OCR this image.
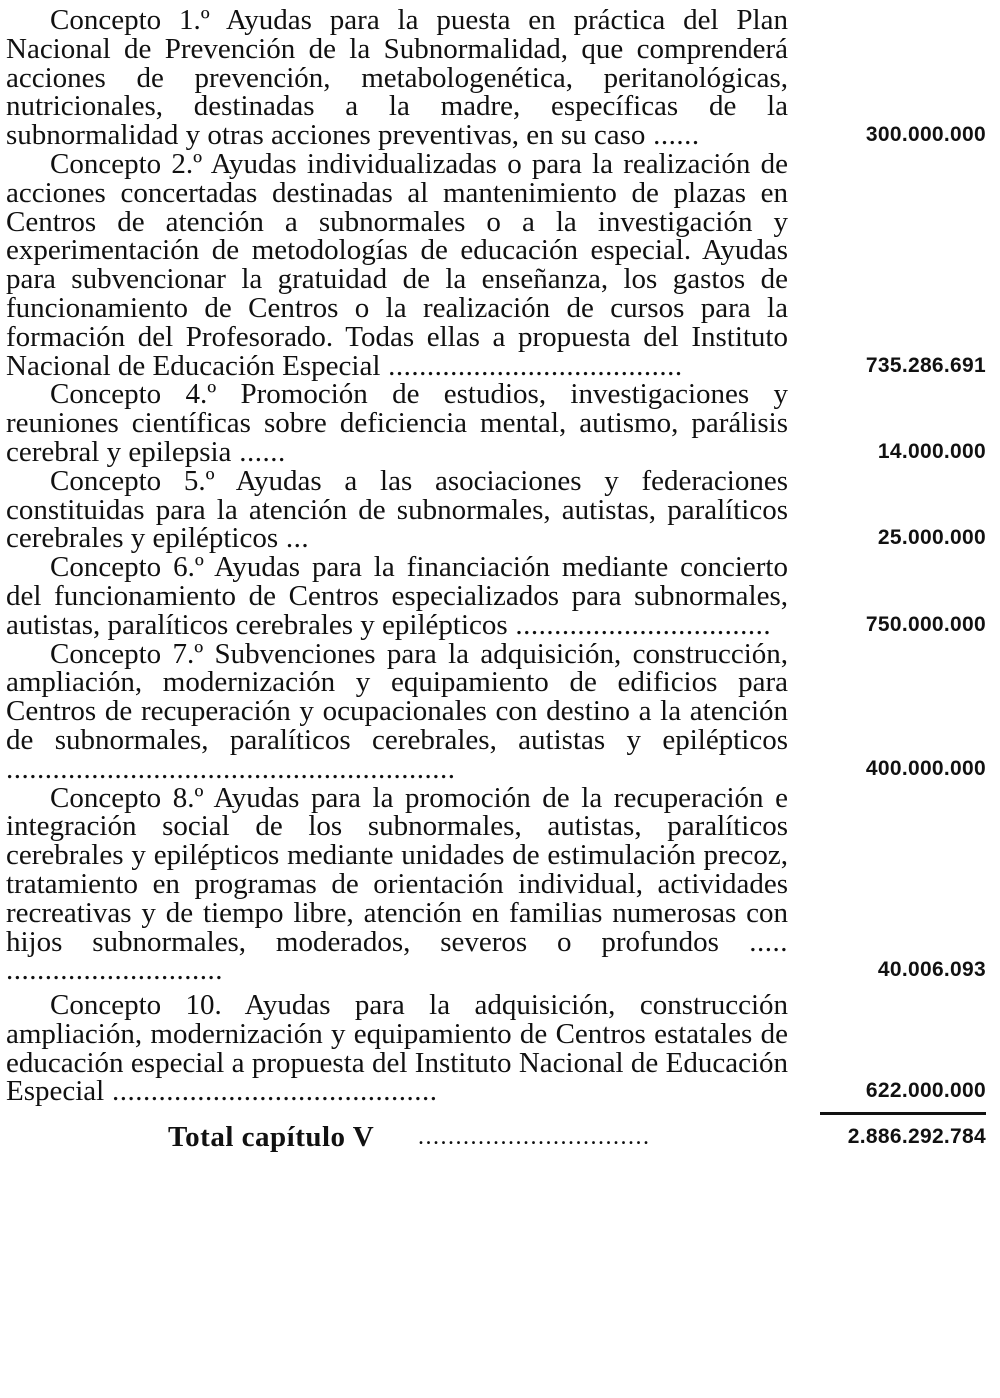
Concepto 1.º Ayudas para la puesta en práctica del Plan Nacional de Prevención de la Subnormalidad, que comprenderá acciones de prevención, metabologenética, peritanológicas, nutricionales, destinadas a la madre, específicas de la subnormalidad y otras acciones preventivas, en su caso ......	300.000.000

Concepto 2.º Ayudas individualizadas o para la realización de acciones concertadas destinadas al mantenimiento de plazas en Centros de atención a subnormales o a la investigación y experimentación de metodologías de educación especial. Ayudas para subvencionar la gratuidad de la enseñanza, los gastos de funcionamiento de Centros o la realización de cursos para la formación del Profesorado. Todas ellas a propuesta del Instituto Nacional de Educación Especial ......................................	735.286.691

Concepto 4.º Promoción de estudios, investigaciones y reuniones científicas sobre deficiencia mental, autismo, parálisis cerebral y epilepsia ......	14.000.000

Concepto 5.º Ayudas a las asociaciones y federaciones constituidas para la atención de subnormales, autistas, paralíticos cerebrales y epilépticos ...	25.000.000

Concepto 6.º Ayudas para la financiación mediante concierto del funcionamiento de Centros especializados para subnormales, autistas, paralíticos cerebrales y epilépticos .................................	750.000.000

Concepto 7.º Subvenciones para la adquisición, construcción, ampliación, modernización y equipamiento de edificios para Centros de recuperación y ocupacionales con destino a la atención de subnormales, paralíticos cerebrales, autistas y epilépticos ..........................................................	400.000.000

Concepto 8.º Ayudas para la promoción de la recuperación e integración social de los subnormales, autistas, paralíticos cerebrales y epilépticos mediante unidades de estimulación precoz, tratamiento en programas de orientación individual, actividades recreativas y de tiempo libre, atención en familias numerosas con hijos subnormales, moderados, severos o profundos ..... ............................	40.006.093

Concepto 10. Ayudas para la adquisición, construcción ampliación, modernización y equipamiento de Centros estatales de educación especial a propuesta del Instituto Nacional de Educación Especial ..........................................	622.000.000
Total capítulo V ...............................	2.886.292.784
